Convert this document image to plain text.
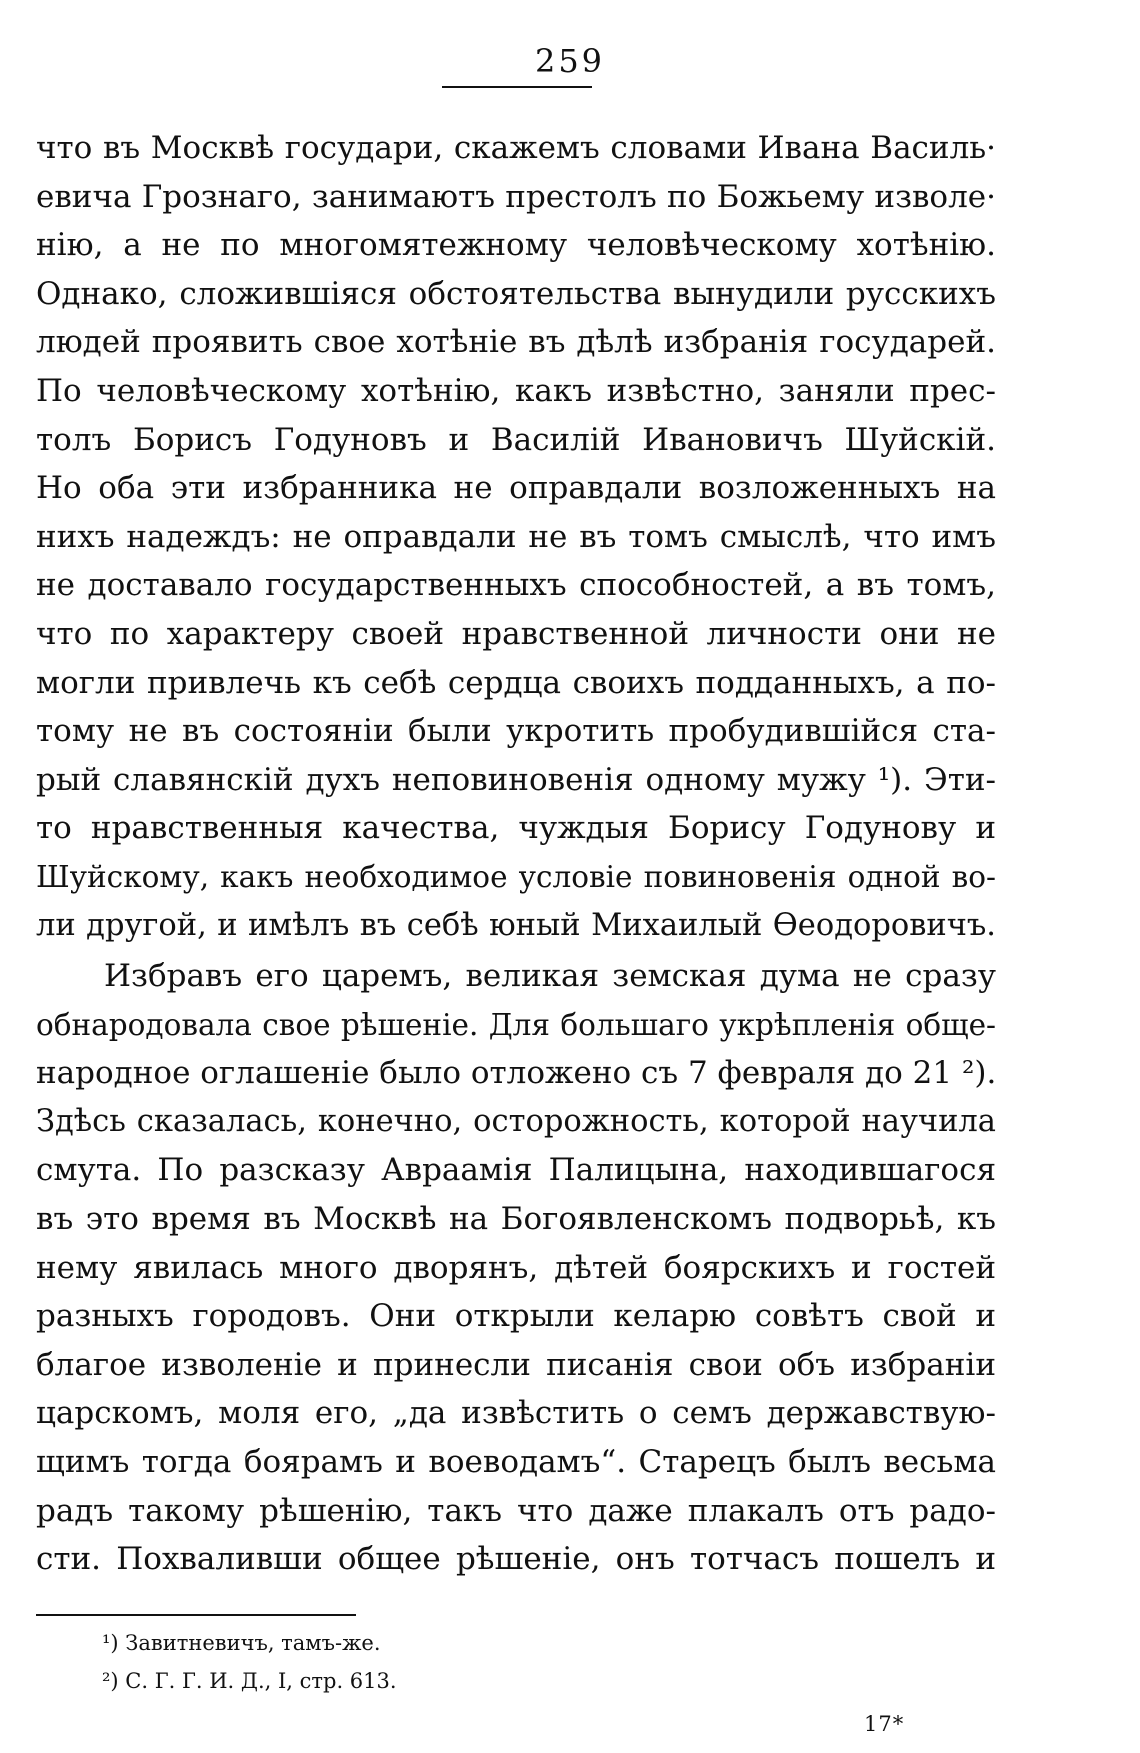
259
что въ Москвѣ государи, скажемъ словами Ивана Василь·
евича Грознаго, занимаютъ престолъ по Божьему изволе·
нію, а не по многомятежному человѣческому хотѣнію.
Однако, сложившіяся обстоятельства вынудили русскихъ
людей проявить свое хотѣніе въ дѣлѣ избранія государей.
По человѣческому хотѣнію, какъ извѣстно, заняли прес-
толъ Борисъ Годуновъ и Василій Ивановичъ Шуйскій.
Но оба эти избранника не оправдали возложенныхъ на
нихъ надеждъ: не оправдали не въ томъ смыслѣ, что имъ
не доставало государственныхъ способностей, а въ томъ,
что по характеру своей нравственной личности они не
могли привлечь къ себѣ сердца своихъ подданныхъ, а по-
тому не въ состояніи были укротить пробудившійся ста-
рый славянскій духъ неповиновенія одному мужу ¹). Эти-
то нравственныя качества, чуждыя Борису Годунову и
Шуйскому, какъ необходимое условіе повиновенія одной во-
ли другой, и имѣлъ въ себѣ юный Михаилый Ѳеодоровичъ.
Избравъ его царемъ, великая земская дума не сразу
обнародовала свое рѣшеніе. Для большаго укрѣпленія обще-
народное оглашеніе было отложено съ 7 февраля до 21 ²).
Здѣсь сказалась, конечно, осторожность, которой научила
смута. По разсказу Авраамія Палицына, находившагося
въ это время въ Москвѣ на Богоявленскомъ подворьѣ, къ
нему явилась много дворянъ, дѣтей боярскихъ и гостей
разныхъ городовъ. Они открыли келарю совѣтъ свой и
благое изволеніе и принесли писанія свои объ избраніи
царскомъ, моля его, „да извѣстить о семъ державствую-
щимъ тогда боярамъ и воеводамъ“. Старецъ былъ весьма
радъ такому рѣшенію, такъ что даже плакалъ отъ радо-
сти. Похваливши общее рѣшеніе, онъ тотчасъ пошелъ и
¹) Завитневичъ, тамъ-же.
²) С. Г. Г. И. Д., I, стр. 613.
17*
